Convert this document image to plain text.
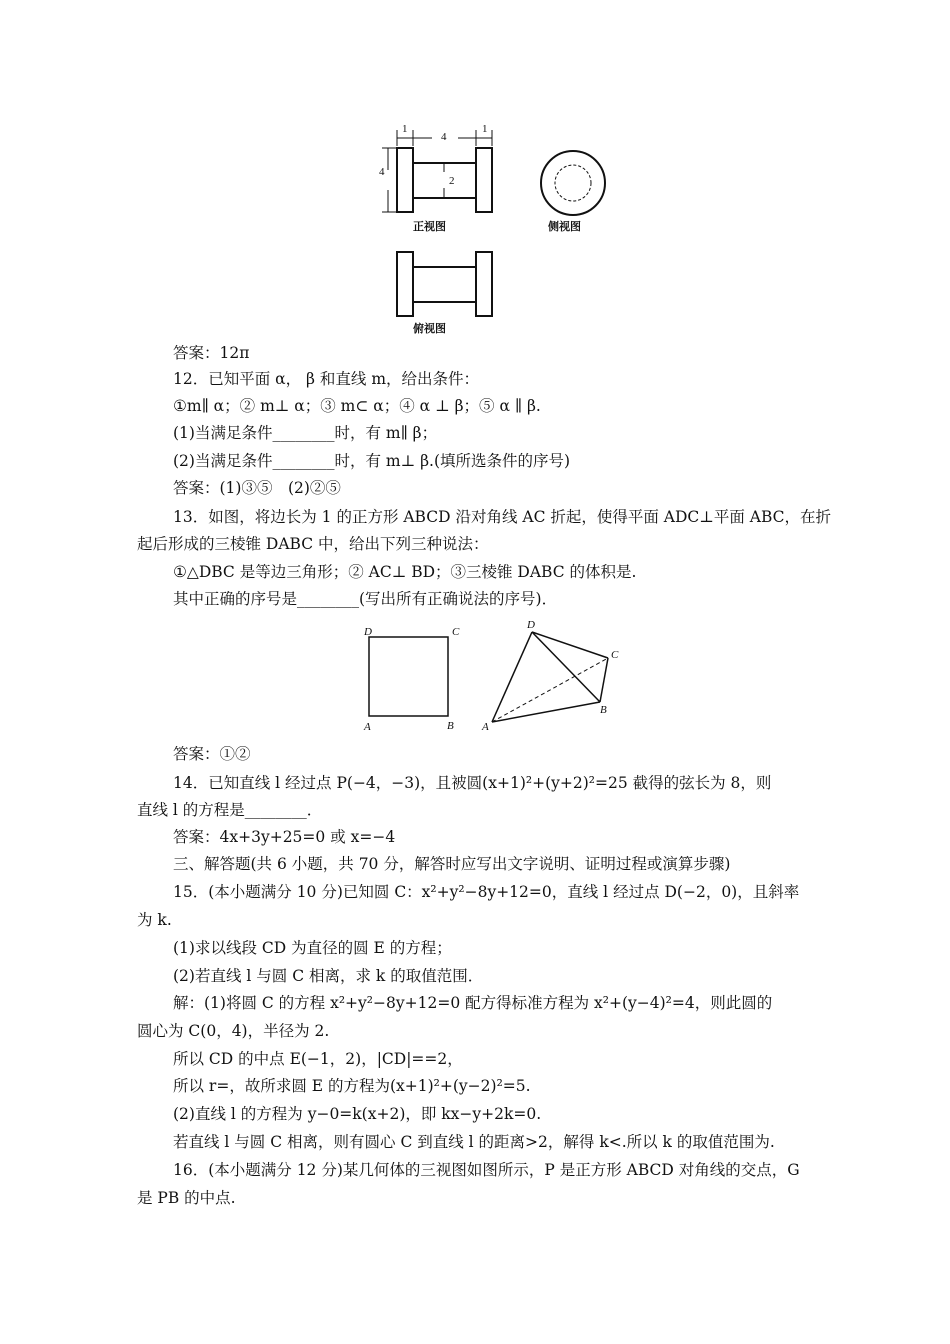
1
4
1
4
2
正视图	侧视图
俯视图
答案：12π
12．已知平面 α， β 和直线 m，给出条件：
①m∥ α；② m⊥ α；③ m⊂ α；④ α ⊥ β；⑤ α ∥ β.
(1)当满足条件________时，有 m∥ β；
(2)当满足条件________时，有 m⊥ β.(填所选条件的序号)
答案：(1)③⑤　(2)②⑤
13．如图，将边长为 1 的正方形 ABCD 沿对角线 AC 折起，使得平面 ADC⊥平面 ABC，在折
起后形成的三棱锥 DABC 中，给出下列三种说法：
①△DBC 是等边三角形；② AC⊥ BD；③三棱锥 DABC 的体积是.
其中正确的序号是________(写出所有正确说法的序号)．
D	C
A	B
D
C
A
B
答案：①②
14．已知直线 l 经过点 P(−4，−3)，且被圆(x+1)²+(y+2)²=25 截得的弦长为 8，则
直线 l 的方程是________．
答案：4x+3y+25=0 或 x=−4
三、解答题(共 6 小题，共 70 分，解答时应写出文字说明、证明过程或演算步骤)
15．(本小题满分 10 分)已知圆 C：x²+y²−8y+12=0，直线 l 经过点 D(−2，0)，且斜率
为 k.
(1)求以线段 CD 为直径的圆 E 的方程；
(2)若直线 l 与圆 C 相离，求 k 的取值范围．
解：(1)将圆 C 的方程 x²+y²−8y+12=0 配方得标准方程为 x²+(y−4)²=4，则此圆的
圆心为 C(0，4)，半径为 2.
所以 CD 的中点 E(−1，2)，|CD|==2，
所以 r=，故所求圆 E 的方程为(x+1)²+(y−2)²=5.
(2)直线 l 的方程为 y−0=k(x+2)，即 kx−y+2k=0.
若直线 l 与圆 C 相离，则有圆心 C 到直线 l 的距离>2，解得 k<.所以 k 的取值范围为.
16．(本小题满分 12 分)某几何体的三视图如图所示，P 是正方形 ABCD 对角线的交点，G
是 PB 的中点.
